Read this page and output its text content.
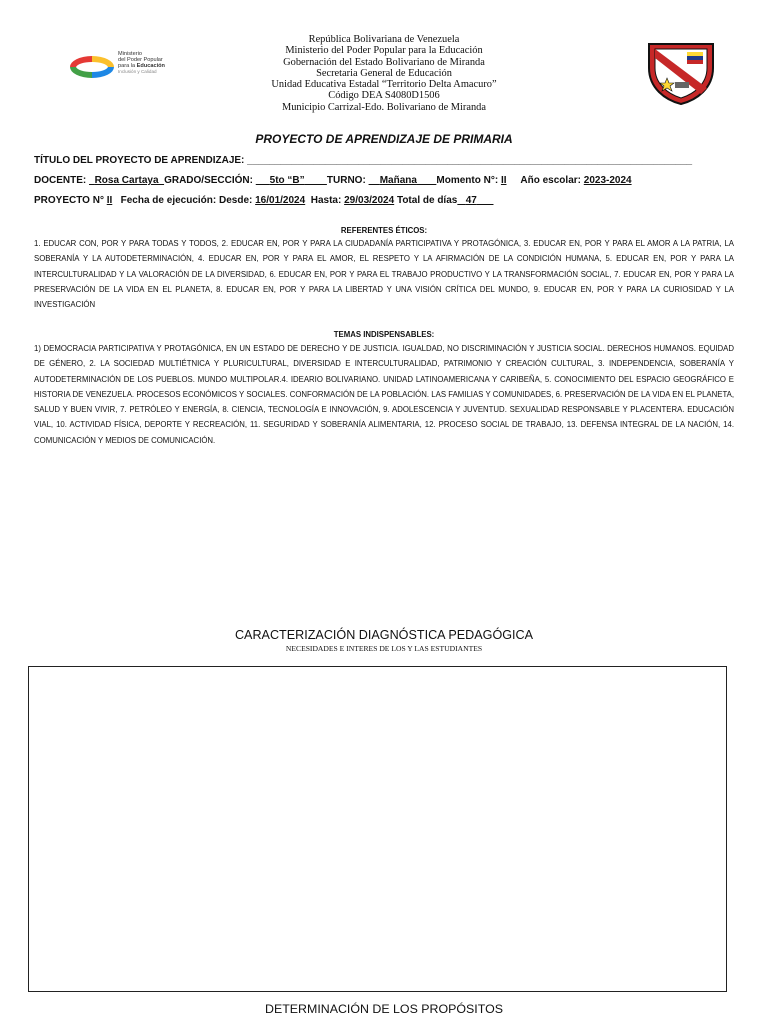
Ministerio
del Poder Popular
para la Educación
Inclusión y Calidad
República Bolivariana de Venezuela
Ministerio del Poder Popular para la Educación
Gobernación del Estado Bolivariano de Miranda
Secretaria General de Educación
Unidad Educativa Estadal “Territorio Delta Amacuro”
Código DEA S4080D1506
Municipio Carrizal-Edo. Bolivariano de Miranda
PROYECTO DE APRENDIZAJE DE PRIMARIA
TÍTULO DEL PROYECTO DE APRENDIZAJE: ________________________________________________________________________________
DOCENTE: Rosa Cartaya GRADO/SECCIÓN: 5to “B” TURNO: Mañana Momento N°: II Año escolar: 2023-2024
PROYECTO N° II Fecha de ejecución: Desde: 16/01/2024 Hasta: 29/03/2024 Total de días 47
REFERENTES ÉTICOS:
1. EDUCAR CON, POR Y PARA TODAS Y TODOS, 2. EDUCAR EN, POR Y PARA LA CIUDADANÍA PARTICIPATIVA Y PROTAGÓNICA, 3. EDUCAR EN, POR Y PARA EL AMOR A LA PATRIA, LA SOBERANÍA Y LA AUTODETERMINACIÓN, 4. EDUCAR EN, POR Y PARA EL AMOR, EL RESPETO Y LA AFIRMACIÓN DE LA CONDICIÓN HUMANA, 5. EDUCAR EN, POR Y PARA LA INTERCULTURALIDAD Y LA VALORACIÓN DE LA DIVERSIDAD, 6. EDUCAR EN, POR Y PARA EL TRABAJO PRODUCTIVO Y LA TRANSFORMACIÓN SOCIAL, 7. EDUCAR EN, POR Y PARA LA PRESERVACIÓN DE LA VIDA EN EL PLANETA, 8. EDUCAR EN, POR Y PARA LA LIBERTAD Y UNA VISIÓN CRÍTICA DEL MUNDO, 9. EDUCAR EN, POR Y PARA LA CURIOSIDAD Y LA INVESTIGACIÓN
TEMAS INDISPENSABLES:
1) DEMOCRACIA PARTICIPATIVA Y PROTAGÓNICA, EN UN ESTADO DE DERECHO Y DE JUSTICIA. IGUALDAD, NO DISCRIMINACIÓN Y JUSTICIA SOCIAL. DERECHOS HUMANOS. EQUIDAD DE GÉNERO, 2. LA SOCIEDAD MULTIÉTNICA Y PLURICULTURAL, DIVERSIDAD E INTERCULTURALIDAD, PATRIMONIO Y CREACIÓN CULTURAL, 3. INDEPENDENCIA, SOBERANÍA Y AUTODETERMINACIÓN DE LOS PUEBLOS. MUNDO MULTIPOLAR.4. IDEARIO BOLIVARIANO. UNIDAD LATINOAMERICANA Y CARIBEÑA, 5. CONOCIMIENTO DEL ESPACIO GEOGRÁFICO E HISTORIA DE VENEZUELA. PROCESOS ECONÓMICOS Y SOCIALES. CONFORMACIÓN DE LA POBLACIÓN. LAS FAMILIAS Y COMUNIDADES, 6. PRESERVACIÓN DE LA VIDA EN EL PLANETA, SALUD Y BUEN VIVIR, 7. PETRÓLEO Y ENERGÍA, 8. CIENCIA, TECNOLOGÍA E INNOVACIÓN, 9. ADOLESCENCIA Y JUVENTUD. SEXUALIDAD RESPONSABLE Y PLACENTERA. EDUCACIÓN VIAL, 10. ACTIVIDAD FÍSICA, DEPORTE Y RECREACIÓN, 11. SEGURIDAD Y SOBERANÍA ALIMENTARIA, 12. PROCESO SOCIAL DE TRABAJO, 13. DEFENSA INTEGRAL DE LA NACIÓN, 14. COMUNICACIÓN Y MEDIOS DE COMUNICACIÓN.
CARACTERIZACIÓN DIAGNÓSTICA PEDAGÓGICA
NECESIDADES E INTERES DE LOS Y LAS ESTUDIANTES
DETERMINACIÓN DE LOS PROPÓSITOS
